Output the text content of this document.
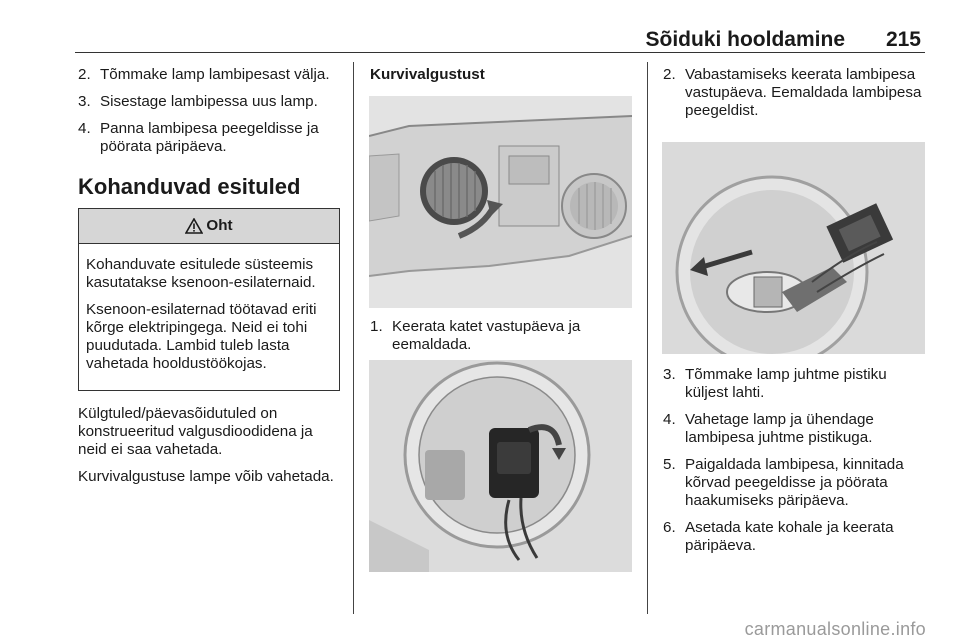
Sõiduki hooldamine 215
2. Tõmmake lamp lambipesast välja.
3. Sisestage lambipessa uus lamp.
4. Panna lambipesa peegeldisse ja pöörata päripäeva.
Kohanduvad esituled
Oht

Kohanduvate esitulede süsteemis kasutatakse ksenoon-esilaternaid.

Ksenoon-esilaternad töötavad eriti kõrge elektripingega. Neid ei tohi puudutada. Lambid tuleb lasta vahetada hooldustöökojas.

Külgtuled/päevasõidutuled on konstrueeritud valgusdioodidena ja neid ei saa vahetada.

Kurvivalgustuse lampe võib vahetada.

Kurvivalgustust
1. Keerata katet vastupäeva ja eemaldada.
2. Vabastamiseks keerata lambipesa vastupäeva. Eemaldada lambipesa peegeldist.
3. Tõmmake lamp juhtme pistiku küljest lahti.
4. Vahetage lamp ja ühendage lambipesa juhtme pistikuga.
5. Paigaldada lambipesa, kinnitada kõrvad peegeldisse ja pöörata haakumiseks päripäeva.
6. Asetada kate kohale ja keerata päripäeva.
carmanualsonline.info
